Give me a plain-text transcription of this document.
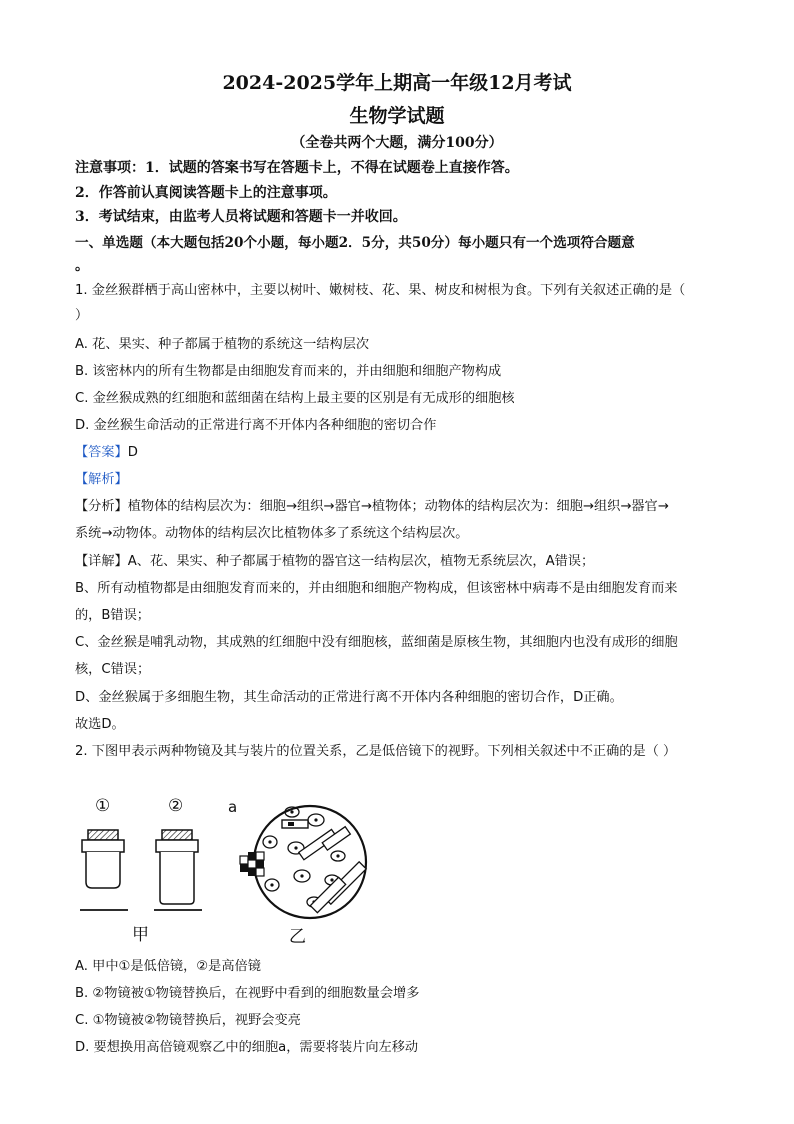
2024-2025学年上期高一年级12月考试
生物学试题
（全卷共两个大题，满分100分）
注意事项：1．试题的答案书写在答题卡上，不得在试题卷上直接作答。
2．作答前认真阅读答题卡上的注意事项。
3．考试结束，由监考人员将试题和答题卡一并收回。
一、单选题（本大题包括20个小题，每小题2．5分，共50分）每小题只有一个选项符合题意
。
1. 金丝猴群栖于高山密林中，主要以树叶、嫩树枝、花、果、树皮和树根为食。下列有关叙述正确的是（
）
A. 花、果实、种子都属于植物的系统这一结构层次
B. 该密林内的所有生物都是由细胞发育而来的，并由细胞和细胞产物构成
C. 金丝猴成熟的红细胞和蓝细菌在结构上最主要的区别是有无成形的细胞核
D. 金丝猴生命活动的正常进行离不开体内各种细胞的密切合作
【答案】D
【解析】
【分析】植物体的结构层次为：细胞→组织→器官→植物体；动物体的结构层次为：细胞→组织→器官→
系统→动物体。动物体的结构层次比植物体多了系统这个结构层次。
【详解】A、花、果实、种子都属于植物的器官这一结构层次，植物无系统层次，A错误；
B、所有动植物都是由细胞发育而来的，并由细胞和细胞产物构成，但该密林中病毒不是由细胞发育而来
的，B错误；
C、金丝猴是哺乳动物，其成熟的红细胞中没有细胞核，蓝细菌是原核生物，其细胞内也没有成形的细胞
核，C错误；
D、金丝猴属于多细胞生物，其生命活动的正常进行离不开体内各种细胞的密切合作，D正确。
故选D。
2. 下图甲表示两种物镜及其与装片的位置关系，乙是低倍镜下的视野。下列相关叙述中不正确的是（ ）
①	②	a
甲	乙
A. 甲中①是低倍镜，②是高倍镜
B. ②物镜被①物镜替换后，在视野中看到的细胞数量会增多
C. ①物镜被②物镜替换后，视野会变亮
D. 要想换用高倍镜观察乙中的细胞a，需要将装片向左移动
